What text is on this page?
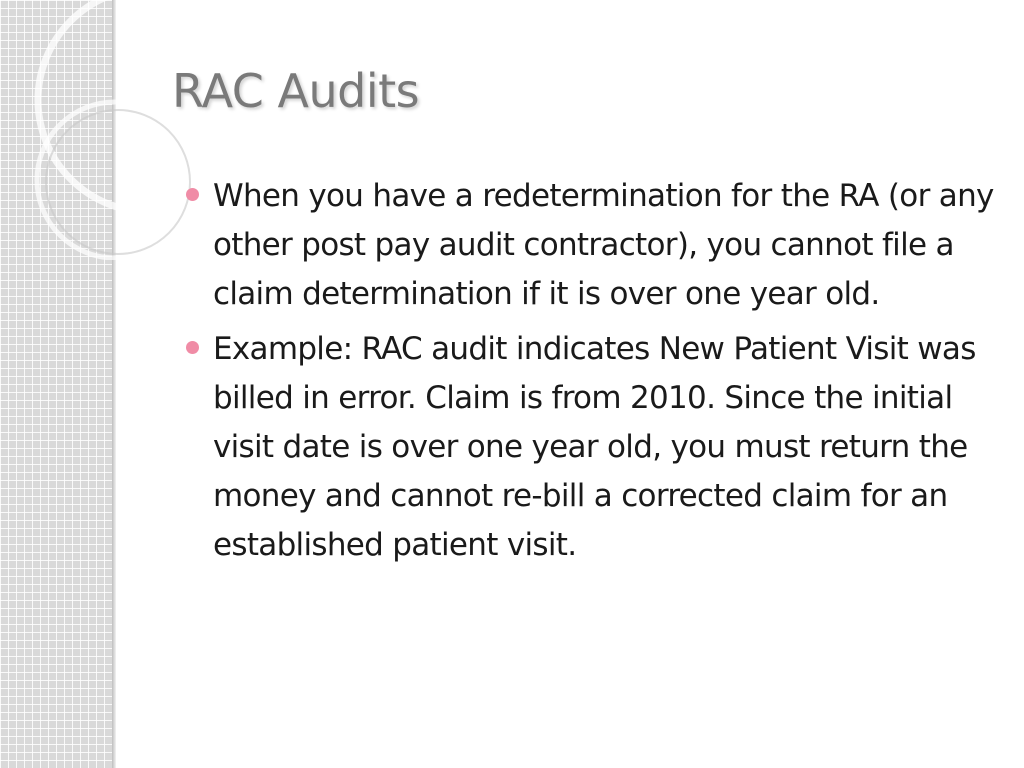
RAC Audits
When you have a redetermination for the RA (or any other post pay audit contractor), you cannot file a claim determination if it is over one year old.
Example: RAC audit indicates New Patient Visit was billed in error. Claim is from 2010. Since the initial visit date is over one year old, you must return the money and cannot re-bill a corrected claim for an established patient visit.
